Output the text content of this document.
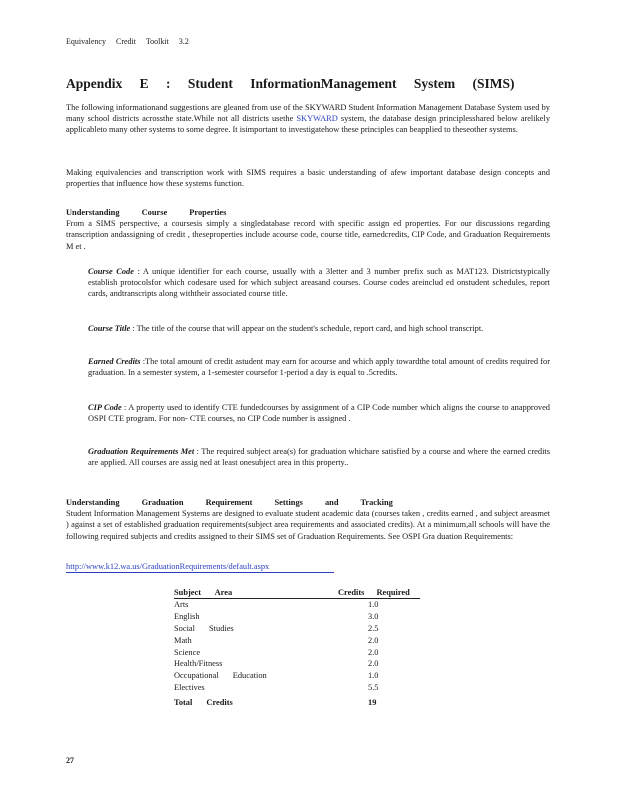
Equivalency Credit Toolkit 3.2
Appendix E : Student InformationManagement System (SIMS)
The following informationand suggestions are gleaned from use of the SKYWARD Student Information Management Database System used by many school districts acrossthe state.While not all districts usethe SKYWARD system, the database design principlesshared below arelikely applicableto many other systems to some degree. It isimportant to investigatehow these principles can beapplied to theseother systems.
Making equivalencies and transcription work with SIMS requires a basic understanding of afew important database design concepts and properties that influence how these systems function.
Understanding Course Properties
From a SIMS perspective, a coursesis simply a singledatabase record with specific assign ed properties. For our discussions regarding transcription andassigning of credit , theseproperties include acourse code, course title, earnedcredits, CIP Code, and Graduation Requirements M et .
Course Code : A unique identifier for each course, usually with a 3letter and 3 number prefix such as MAT123. Districtstypically establish protocolsfor which codesare used for which subject areasand courses. Course codes areinclud ed onstudent schedules, report cards, andtranscripts along withtheir associated course title.
Course Title : The title of the course that will appear on the student's schedule, report card, and high school transcript.
Earned Credits :The total amount of credit astudent may earn for acourse and which apply towardthe total amount of credits required for graduation. In a semester system, a 1-semester coursefor 1-period a day is equal to .5credits.
CIP Code : A property used to identify CTE fundedcourses by assignment of a CIP Code number which aligns the course to anapproved OSPI CTE program. For non- CTE courses, no CIP Code number is assigned .
Graduation Requirements Met : The required subject area(s) for graduation whichare satisfied by a course and where the earned credits are applied. All courses are assig ned at least onesubject area in this property..
Understanding Graduation Requirement Settings and Tracking
Student Information Management Systems are designed to evaluate student academic data (courses taken , credits earned , and subject areasmet ) against a set of established graduation requirements(subject area requirements and associated credits). At a minimum,all schools will have the following required subjects and credits assigned to their SIMS set of Graduation Requirements. See OSPI Gra duation Requirements:
http://www.k12.wa.us/GraduationRequirements/default.aspx
Subject Area	Credits Required
Arts	1.0
English	3.0
Social Studies	2.5
Math	2.0
Science	2.0
Health/Fitness	2.0
Occupational Education	1.0
Electives	5.5
Total Credits	19
27
